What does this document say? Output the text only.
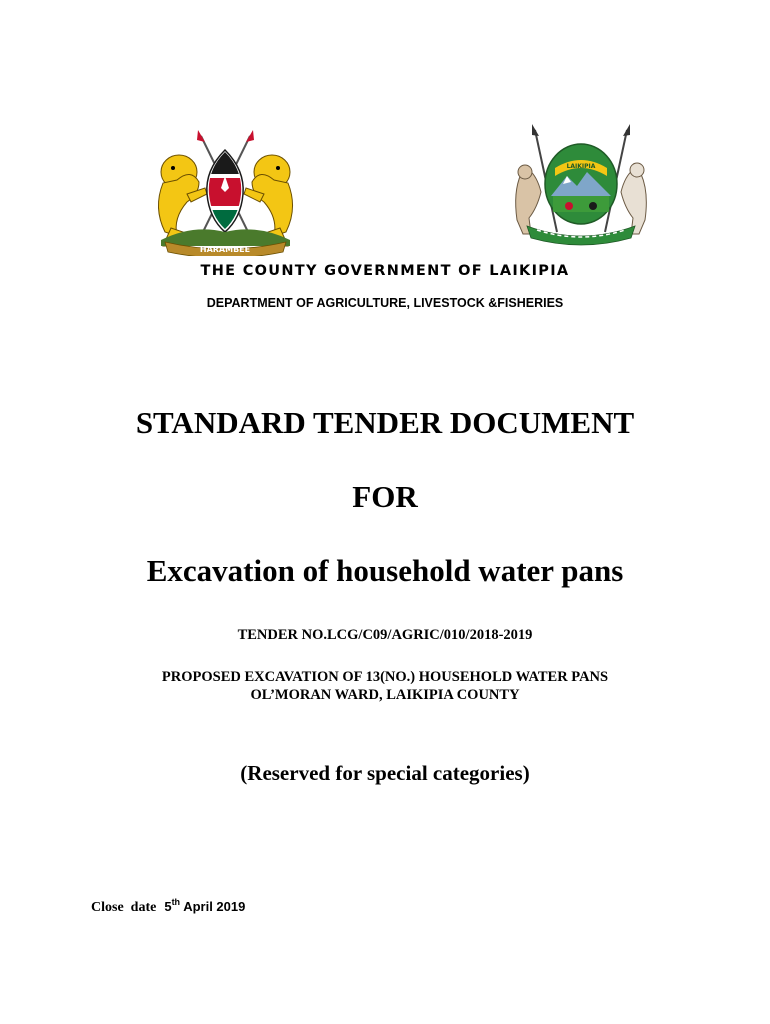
HARAMBEE
LAIKIPIA
THE COUNTY GOVERNMENT OF LAIKIPIA
DEPARTMENT OF AGRICULTURE, LIVESTOCK &FISHERIES
STANDARD TENDER DOCUMENT
FOR
Excavation of household water pans
TENDER NO.LCG/C09/AGRIC/010/2018-2019
PROPOSED EXCAVATION OF 13(NO.) HOUSEHOLD WATER PANS
OL’MORAN WARD, LAIKIPIA COUNTY
(Reserved for special categories)
Close  date 5th April 2019
